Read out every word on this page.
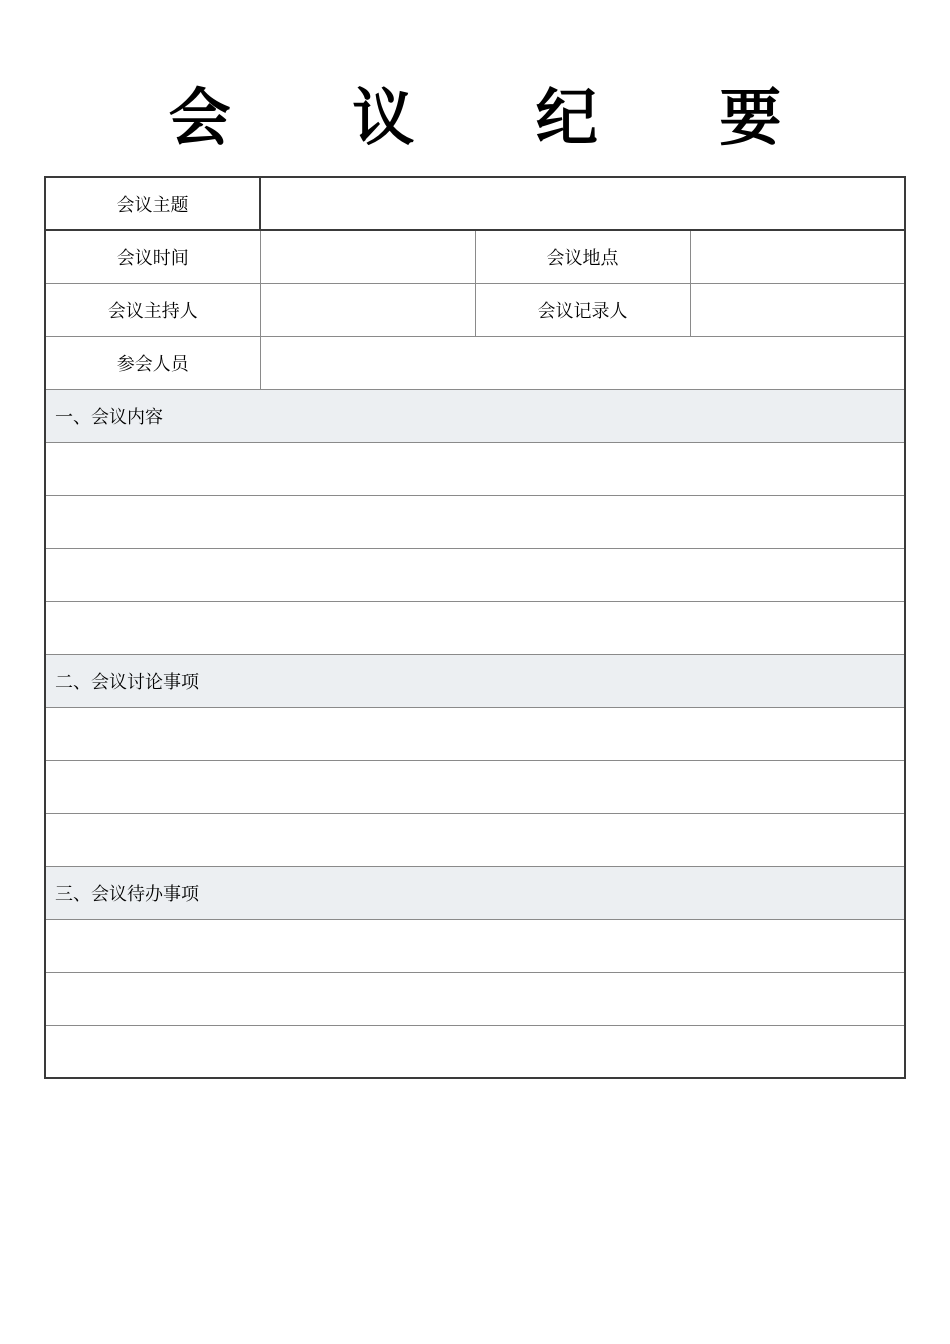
会 议 纪 要
会议主题			
会议时间		会议地点	
会议主持人		会议记录人	
参会人员			
一、会议内容			

二、会议讨论事项			

三、会议待办事项			
